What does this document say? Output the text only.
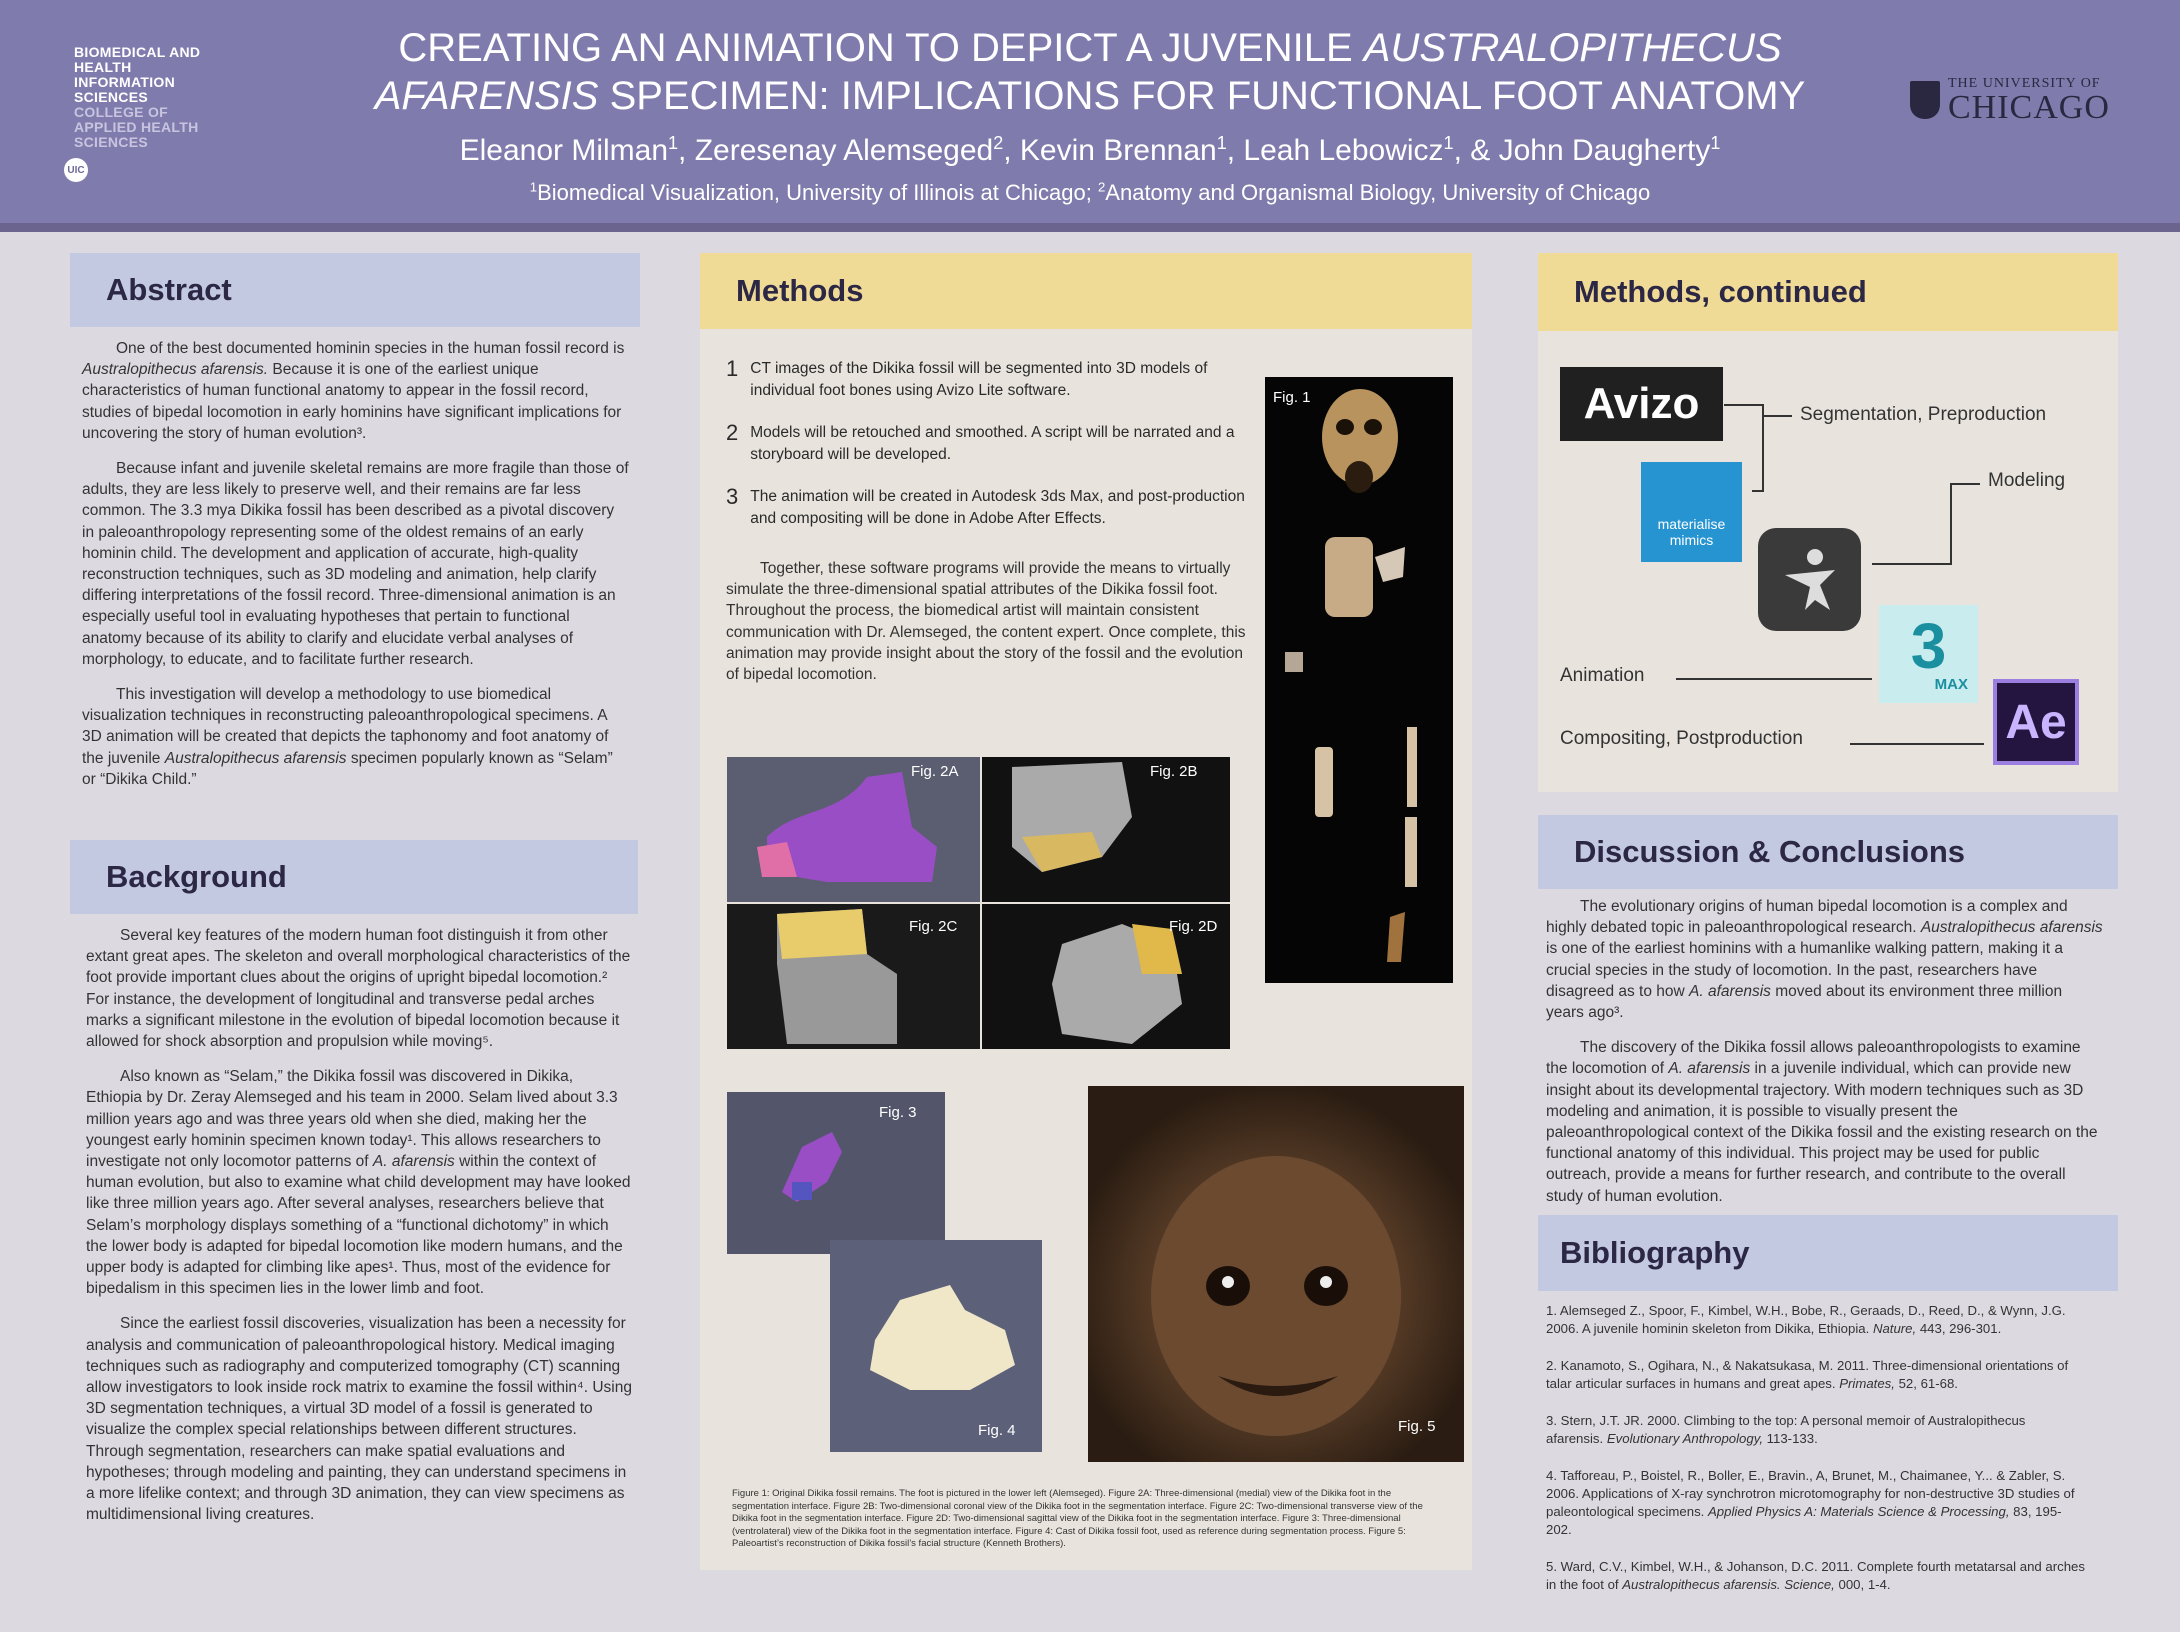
BIOMEDICAL AND HEALTH INFORMATION SCIENCES
COLLEGE OF APPLIED HEALTH SCIENCES
UIC
CREATING AN ANIMATION TO DEPICT A JUVENILE AUSTRALOPITHECUS
AFARENSIS SPECIMEN: IMPLICATIONS FOR FUNCTIONAL FOOT ANATOMY
Eleanor Milman$^1$, Zeresenay Alemseged$^2$, Kevin Brennan$^1$, Leah Lebowicz$^1$, & John Daugherty$^1$
$^1$Biomedical Visualization, University of Illinois at Chicago; $^2$Anatomy and Organismal Biology, University of Chicago
THE UNIVERSITY OF
CHICAGO
Abstract

One of the best documented hominin species in the human fossil record is Australopithecus afarensis. Because it is one of the earliest unique characteristics of human functional anatomy to appear in the fossil record, studies of bipedal locomotion in early hominins have significant implications for uncovering the story of human evolution³.

Because infant and juvenile skeletal remains are more fragile than those of adults, they are less likely to preserve well, and their remains are far less common. The 3.3 mya Dikika fossil has been described as a pivotal discovery in paleoanthropology representing some of the oldest remains of an early hominin child. The development and application of accurate, high-quality reconstruction techniques, such as 3D modeling and animation, help clarify differing interpretations of the fossil record. Three-dimensional animation is an especially useful tool in evaluating hypotheses that pertain to functional anatomy because of its ability to clarify and elucidate verbal analyses of morphology, to educate, and to facilitate further research.

This investigation will develop a methodology to use biomedical visualization techniques in reconstructing paleoanthropological specimens. A 3D animation will be created that depicts the taphonomy and foot anatomy of the juvenile Australopithecus afarensis specimen popularly known as “Selam” or “Dikika Child.”

Background

Several key features of the modern human foot distinguish it from other extant great apes. The skeleton and overall morphological characteristics of the foot provide important clues about the origins of upright bipedal locomotion.² For instance, the development of longitudinal and transverse pedal arches marks a significant milestone in the evolution of bipedal locomotion because it allowed for shock absorption and propulsion while moving⁵.

Also known as “Selam,” the Dikika fossil was discovered in Dikika, Ethiopia by Dr. Zeray Alemseged and his team in 2000. Selam lived about 3.3 million years ago and was three years old when she died, making her the youngest early hominin specimen known today¹. This allows researchers to investigate not only locomotor patterns of A. afarensis within the context of human evolution, but also to examine what child development may have looked like three million years ago. After several analyses, researchers believe that Selam’s morphology displays something of a “functional dichotomy” in which the lower body is adapted for bipedal locomotion like modern humans, and the upper body is adapted for climbing like apes¹. Thus, most of the evidence for bipedalism in this specimen lies in the lower limb and foot.

Since the earliest fossil discoveries, visualization has been a necessity for analysis and communication of paleoanthropological history. Medical imaging techniques such as radiography and computerized tomography (CT) scanning allow investigators to look inside rock matrix to examine the fossil within⁴. Using 3D segmentation techniques, a virtual 3D model of a fossil is generated to visualize the complex special relationships between different structures. Through segmentation, researchers can make spatial evaluations and hypotheses; through modeling and painting, they can understand specimens in a more lifelike context; and through 3D animation, they can view specimens as multidimensional living creatures.

Methods
1 CT images of the Dikika fossil will be segmented into 3D models of individual foot bones using Avizo Lite software.
2 Models will be retouched and smoothed. A script will be narrated and a storyboard will be developed.
3 The animation will be created in Autodesk 3ds Max, and post-production and compositing will be done in Adobe After Effects.

Together, these software programs will provide the means to virtually simulate the three-dimensional spatial attributes of the Dikika fossil foot. Throughout the process, the biomedical artist will maintain consistent communication with Dr. Alemseged, the content expert. Once complete, this animation may provide insight about the story of the fossil and the evolution of bipedal locomotion.

Fig. 1
Fig. 2A	Fig. 2B
Fig. 2C	Fig. 2D
Fig. 3
Fig. 4	Fig. 5
Figure 1: Original Dikika fossil remains. The foot is pictured in the lower left (Alemseged). Figure 2A: Three-dimensional (medial) view of the Dikika foot in the segmentation interface. Figure 2B: Two-dimensional coronal view of the Dikika foot in the segmentation interface. Figure 2C: Two-dimensional transverse view of the Dikika foot in the segmentation interface. Figure 2D: Two-dimensional sagittal view of the Dikika foot in the segmentation interface. Figure 3: Three-dimensional (ventrolateral) view of the Dikika foot in the segmentation interface. Figure 4: Cast of Dikika fossil foot, used as reference during segmentation process. Figure 5: Paleoartist’s reconstruction of Dikika fossil’s facial structure (Kenneth Brothers).
Methods, continued
Avizo
materialise mimics
3
MAX
Ae
Segmentation, Preproduction
Modeling
Animation
Compositing, Postproduction
Discussion & Conclusions

The evolutionary origins of human bipedal locomotion is a complex and highly debated topic in paleoanthropological research. Australopithecus afarensis is one of the earliest hominins with a humanlike walking pattern, making it a crucial species in the study of locomotion. In the past, researchers have disagreed as to how A. afarensis moved about its environment three million years ago³.

The discovery of the Dikika fossil allows paleoanthropologists to examine the locomotion of A. afarensis in a juvenile individual, which can provide new insight about its developmental trajectory. With modern techniques such as 3D modeling and animation, it is possible to visually present the paleoanthropological context of the Dikika fossil and the existing research on the functional anatomy of this individual. This project may be used for public outreach, provide a means for further research, and contribute to the overall study of human evolution.

Bibliography

1. Alemseged Z., Spoor, F., Kimbel, W.H., Bobe, R., Geraads, D., Reed, D., & Wynn, J.G. 2006. A juvenile hominin skeleton from Dikika, Ethiopia. Nature, 443, 296-301.

2. Kanamoto, S., Ogihara, N., & Nakatsukasa, M. 2011. Three-dimensional orientations of talar articular surfaces in humans and great apes. Primates, 52, 61-68.

3. Stern, J.T. JR. 2000. Climbing to the top: A personal memoir of Australopithecus afarensis. Evolutionary Anthropology, 113-133.

4. Tafforeau, P., Boistel, R., Boller, E., Bravin., A, Brunet, M., Chaimanee, Y... & Zabler, S. 2006. Applications of X-ray synchrotron microtomography for non-destructive 3D studies of paleontological specimens. Applied Physics A: Materials Science & Processing, 83, 195-202.

5. Ward, C.V., Kimbel, W.H., & Johanson, D.C. 2011. Complete fourth metatarsal and arches in the foot of Australopithecus afarensis. Science, 000, 1-4.
